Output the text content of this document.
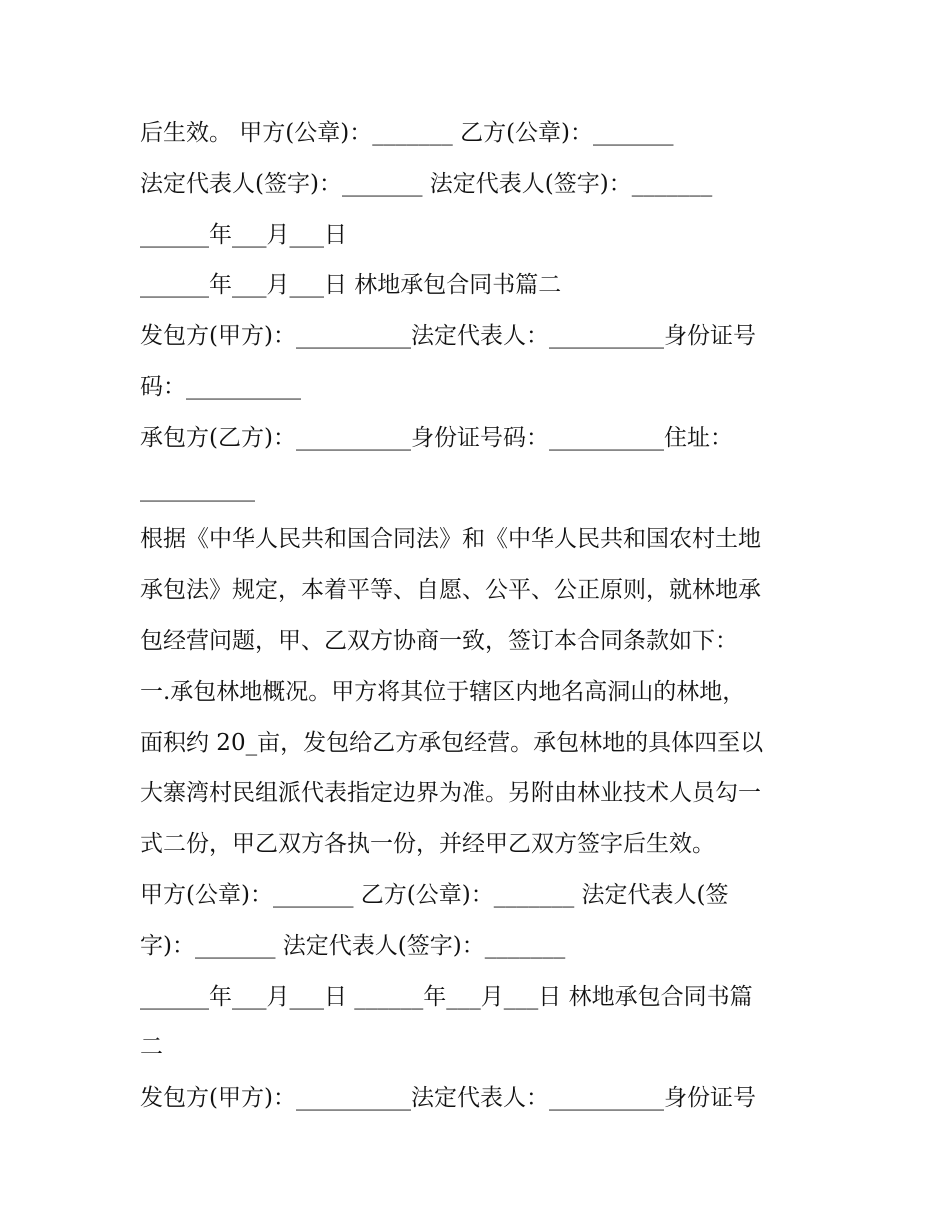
后生效。 甲方(公章)：_______ 乙方(公章)：_______
法定代表人(签字)：_______ 法定代表人(签字)：_______
______年___月___日
______年___月___日 林地承包合同书篇二
发包方(甲方)：__________法定代表人：__________身份证号
码：__________
承包方(乙方)：__________身份证号码：__________住址：
__________
根据《中华人民共和国合同法》和《中华人民共和国农村土地
承包法》规定，本着平等、自愿、公平、公正原则，就林地承
包经营问题，甲、乙双方协商一致，签订本合同条款如下：
一.承包林地概况。甲方将其位于辖区内地名高洞山的林地，
面积约 20_亩，发包给乙方承包经营。承包林地的具体四至以
大寨湾村民组派代表指定边界为准。另附由林业技术人员勾一
式二份，甲乙双方各执一份，并经甲乙双方签字后生效。
甲方(公章)：_______ 乙方(公章)：_______ 法定代表人(签
字)：_______ 法定代表人(签字)：_______
______年___月___日 ______年___月___日 林地承包合同书篇
二
发包方(甲方)：__________法定代表人：__________身份证号
